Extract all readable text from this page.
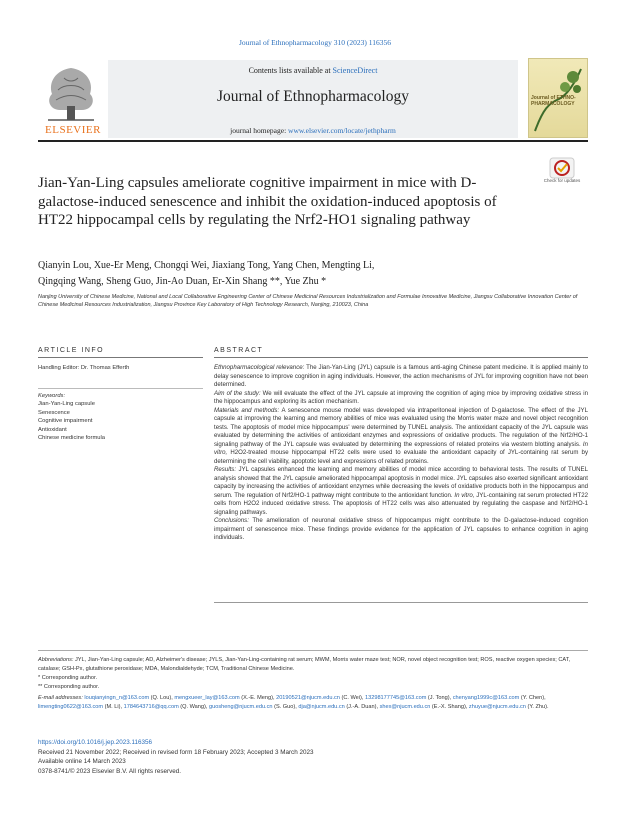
Journal of Ethnopharmacology 310 (2023) 116356
Contents lists available at ScienceDirect
Journal of Ethnopharmacology
journal homepage: www.elsevier.com/locate/jethpharm
ELSEVIER
Journal of ETHNO-PHARMACOLOGY
Jian-Yan-Ling capsules ameliorate cognitive impairment in mice with D-galactose-induced senescence and inhibit the oxidation-induced apoptosis of HT22 hippocampal cells by regulating the Nrf2-HO1 signaling pathway
Check for updates
Qianyin Lou, Xue-Er Meng, Chongqi Wei, Jiaxiang Tong, Yang Chen, Mengting Li,
Qingqing Wang, Sheng Guo, Jin-Ao Duan, Er-Xin Shang **, Yue Zhu *
Nanjing University of Chinese Medicine, National and Local Collaborative Engineering Center of Chinese Medicinal Resources Industrialization and Formulae Innovative Medicine, Jiangsu Collaborative Innovation Center of Chinese Medicinal Resources Industrialization, Jiangsu Province Key Laboratory of High Technology Research, Nanjing, 210023, China
ARTICLE INFO	ABSTRACT
Handling Editor: Dr. Thomas Efferth
Keywords:
Jian-Yan-Ling capsule
Senescence
Cognitive impairment
Antioxidant
Chinese medicine formula

Ethnopharmacological relevance: The Jian-Yan-Ling (JYL) capsule is a famous anti-aging Chinese patent medicine. It is applied mainly to delay senescence to improve cognition in aging individuals. However, the action mechanisms of JYL for improving cognition have not been determined.

Aim of the study: We will evaluate the effect of the JYL capsule at improving the cognition of aging mice by improving oxidative stress in the hippocampus and exploring its action mechanism.

Materials and methods: A senescence mouse model was developed via intraperitoneal injection of D-galactose. The effect of the JYL capsule at improving the learning and memory abilities of mice was evaluated using the Morris water maze and novel object recognition tests. The apoptosis of model mice hippocampus' were determined by TUNEL analysis. The antioxidant capacity of the JYL capsule was evaluated by determining the activities of antioxidant enzymes and expressions of oxidative products. The regulation of the Nrf2/HO-1 signaling pathway of the JYL capsule was evaluated by determining the expressions of related proteins via western blotting analysis. In vitro, H2O2-treated mouse hippocampal HT22 cells were used to evaluate the antioxidant capacity of JYL-containing rat serum by determining the cell viability, apoptotic level and expressions of related proteins.

Results: JYL capsules enhanced the learning and memory abilities of model mice according to behavioral tests. The results of TUNEL analysis showed that the JYL capsule ameliorated hippocampal apoptosis in model mice. JYL capsules also exerted significant antioxidant capacity by increasing the activities of antioxidant enzymes while decreasing the levels of oxidative products both in the hippocampus and serum. The regulation of Nrf2/HO-1 pathway might contribute to the antioxidant function. In vitro, JYL-containing rat serum protected HT22 cells from H2O2 induced oxidative stress. The apoptosis of HT22 cells was also attenuated by regulating the caspase and Nrf2/HO-1 signaling pathways.

Conclusions: The amelioration of neuronal oxidative stress of hippocampus might contribute to the D-galactose-induced cognition impairment of senescence mice. These findings provide evidence for the application of JYL capsules to enhance cognition in aging individuals.

Abbreviations: JYL, Jian-Yan-Ling capsule; AD, Alzheimer's disease; JYLS, Jian-Yan-Ling-containing rat serum; MWM, Morris water maze test; NOR, novel object recognition test; ROS, reactive oxygen species; CAT, catalase; GSH-Px, glutathione peroxidase; MDA, Malondialdehyde; TCM, Traditional Chinese Medicine.

* Corresponding author.

** Corresponding author.

E-mail addresses: louqianyingn_n@163.com (Q. Lou), mengxueer_lay@163.com (X.-E. Meng), 20190521@njucm.edu.cn (C. Wei), 13298177745@163.com (J. Tong), chenyang1999c@163.com (Y. Chen), limengting0622@163.com (M. Li), 1784643716@qq.com (Q. Wang), guosheng@njucm.edu.cn (S. Guo), dja@njucm.edu.cn (J.-A. Duan), shex@njucm.edu.cn (E.-X. Shang), zhuyue@njucm.edu.cn (Y. Zhu).

https://doi.org/10.1016/j.jep.2023.116356

Received 21 November 2022; Received in revised form 18 February 2023; Accepted 3 March 2023

Available online 14 March 2023

0378-8741/© 2023 Elsevier B.V. All rights reserved.
